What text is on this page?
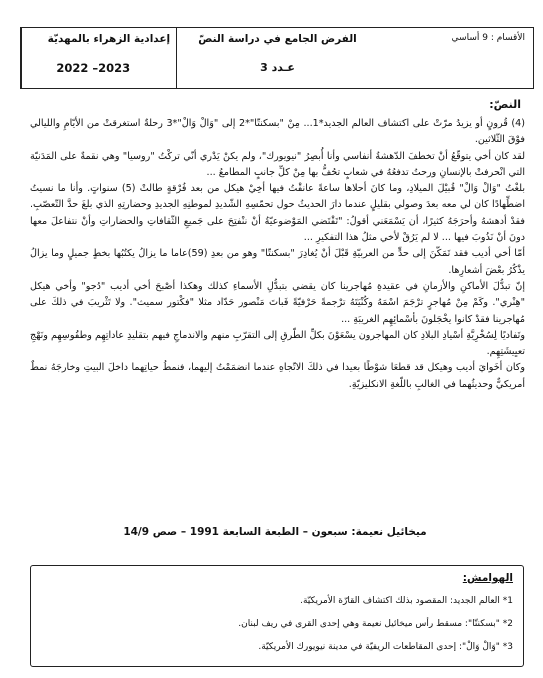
إعدادية الزهراء بالمهديّة
2022 –2023
الفرض الجامع في دراسة النصّ
عـدد 3
الأقسام : 9 أساسي
النصّ:

(4) قُرونٍ أو يزيدُ مرّتْ على اكتشاف العالم الجديد*1... مِنْ "بسكنتّا"*2 إلى "وَالْ وَالْ"*3 رحلةٌ استغرقتْ من الأيّامِ والليالي فوْقَ الثّلاثين.

لقد كان أخي يتوقّعُ أنْ تخطفَ الدّهشةُ أنفاسي وأنا أُبصِرُ "نيويورك"، ولم يكنْ يَدْري أنّي تركْتُ "روسيا" وهي نقمةٌ على المَدَنيّة التي انْحرفتْ بالإنسانِ ورحتُ تدفعُهُ في شعابٍ تحُفُّ بها مِنْ كلِّ جانبٍ المطامعُ ...

بلغْتُ "وَالْ وَالْ" قُبيْلَ الميلادِ، وما كانَ أحلاها ساعةً عانقْتُ فيها أخِيْ هيكل من بعد فُرْقةٍ طالتْ (5) سنواتٍ. وأنا ما نسيتُ اضطِّهادًا كان لي معه بعدَ وصولي بقليلٍ عندما دارَ الحديثُ حول تحمّسِهِ الشّديدِ لموطنِهِ الجديدِ وحضارتِهِ الذي بلغَ حدَّ التّعصّبِ. فقدْ أدهشهُ وأحرَجَهُ كثيرًا، أن يَسْمَعَني أقولُ: "تَقْتَضي المَوْضوعيّةُ أنْ ننْفتِحَ على جَميعِ الثّقافاتِ والحضاراتِ وأنْ نتفاعلَ معها دونَ أنْ نَذُوبَ فيها ... لا لم يَرُقْ لأخي مثلُ هذا التفكيرِ ...

أمّا أخي أديب فقد تَمَكّنَ إلى حدٍّ من العربيّةِ قَبْلَ أنْ يُغادِرَ "بسكنتّا" وهو من بعدِ (59)عاما ما يزالُ يكتُبُها بخطٍ جميلٍ وما يزالُ يذْكُرُ بعْضَ أشعارِها.

إنّ تبدُّلَ الأماكنِ والأزمانِ في عقيدةِ مُهاجرينا كان يقضي بتبدُّلِ الأسماءِ كذلك وهكذا أصْبحَ أخي أديب "دُجو" وأخي هيكل "هِنْري". وكَمْ مِنْ مُهاجرٍ ترْجَمَ اسْمَهُ وكُنْيَتَهُ ترْجمةً حَرْفيّةً فَباتَ مَنْصور حَدّاد مثلا "فكْتور سميث". ولا تَثْريبَ في ذلكَ على مُهاجرينا فقدْ كانوا يخْجَلونَ بأسْمائِهِم الغريبَةِ ...

وتَفاديًا لِسُخْرِيَّةِ أسْيادِ البلادِ كان المهاجرون يسْعَوْنَ بكلِّ الطّرقِ إلى التقرّبِ منهم والاندماجِ فيهم بتقليدِ عاداتِهِم وطقُوسِهِم ونَهْجِ تعيِيشَتِهِم.

وكان أخَوايَ أديب وهيكل قد قطعَا شوْطًا بعيدا في ذلكَ الاتّجاهِ عندما انضمَمْتُ إليهما، فنمطُ حياتِهما داخلَ البيتِ وخارجَهُ نمطٌ أمريكيٌّ وحديثُهما في الغالبِ باللّغةِ الانكليزيّةِ.

ميخائيل نعيمة: سبعون – الطبعة السابعة 1991 – صص 14/9
الهوامش:
1* العالم الجديد: المقصود بذلك اكتشاف القارّة الأمريكيّة.
2* "بسكنتّا": مسقط رأس ميخائيل نعيمة وهي إحدى القرى في ريف لبنان.
3* "وَالْ وَالْ": إحدى المقاطعات الريفيّة في مدينة نيويورك الأمريكيّة.
